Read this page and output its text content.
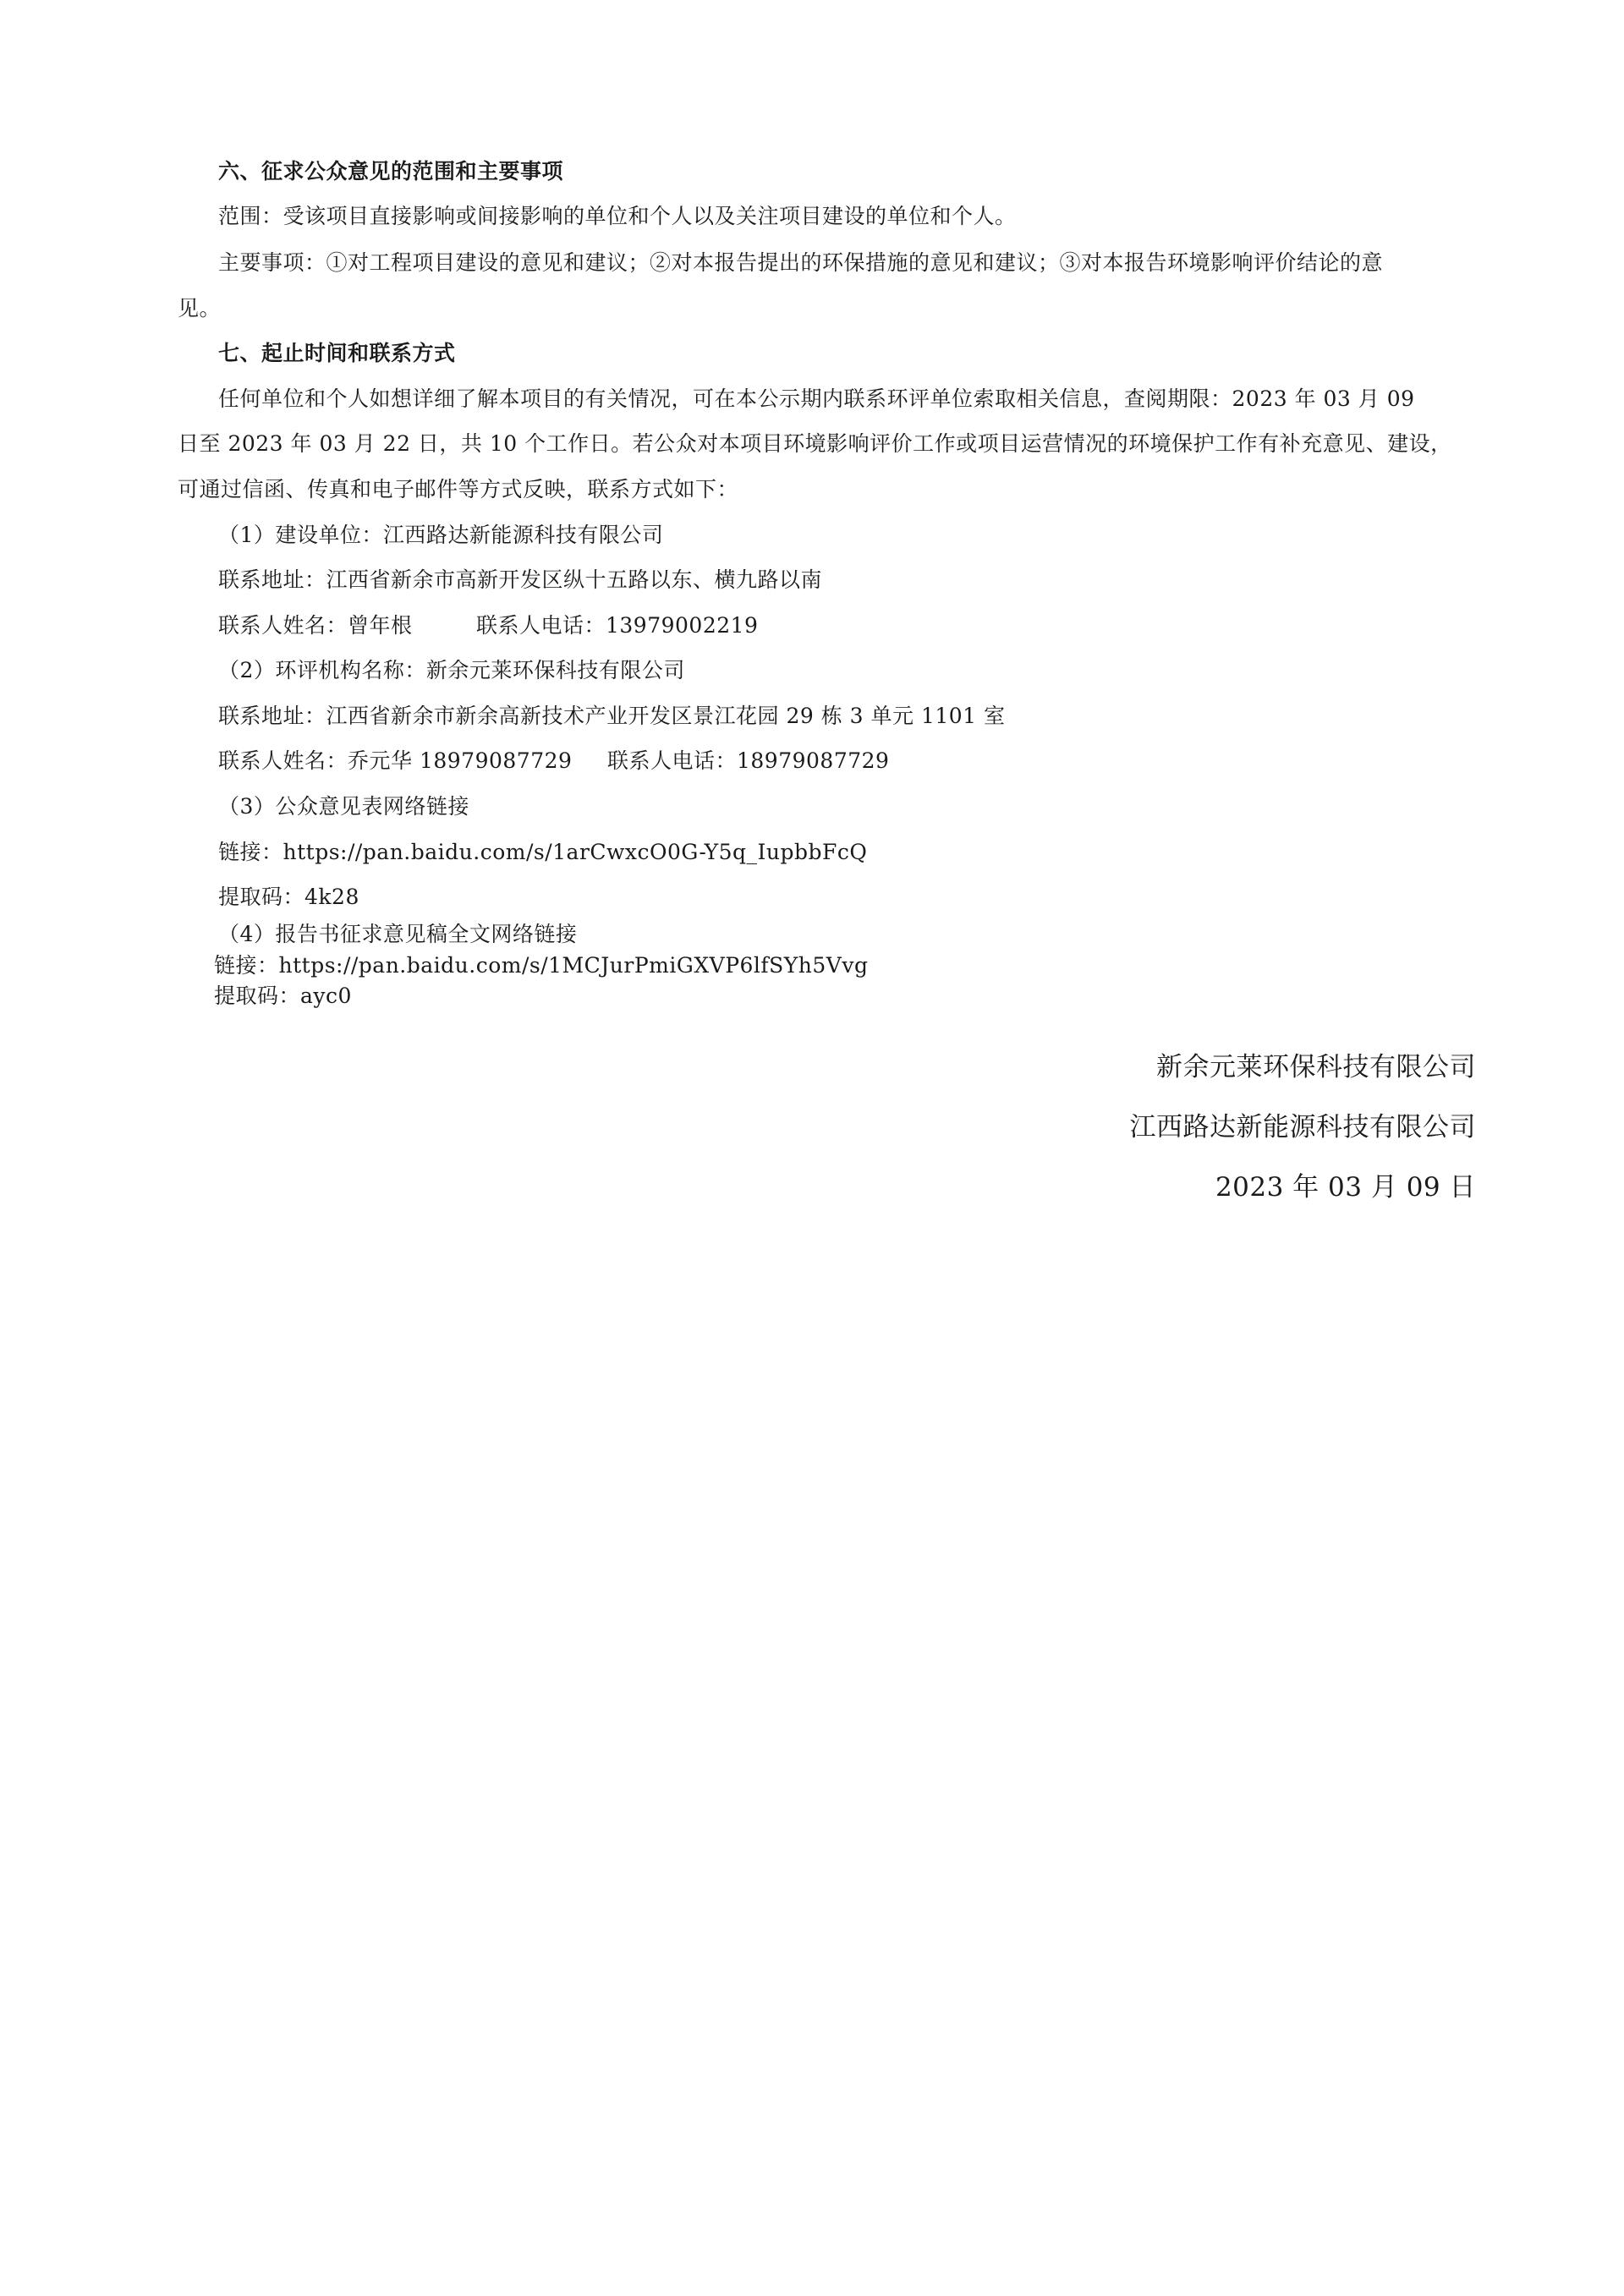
六、征求公众意见的范围和主要事项
范围：受该项目直接影响或间接影响的单位和个人以及关注项目建设的单位和个人。
主要事项：①对工程项目建设的意见和建议；②对本报告提出的环保措施的意见和建议；③对本报告环境影响评价结论的意
见。
七、起止时间和联系方式
任何单位和个人如想详细了解本项目的有关情况，可在本公示期内联系环评单位索取相关信息，查阅期限：2023 年 03 月 09
日至 2023 年 03 月 22 日，共 10 个工作日。若公众对本项目环境影响评价工作或项目运营情况的环境保护工作有补充意见、建设，
可通过信函、传真和电子邮件等方式反映，联系方式如下：
（1）建设单位：江西路达新能源科技有限公司
联系地址：江西省新余市高新开发区纵十五路以东、横九路以南
联系人姓名：曾年根	联系人电话：13979002219
（2）环评机构名称：新余元莱环保科技有限公司
联系地址：江西省新余市新余高新技术产业开发区景江花园 29 栋 3 单元 1101 室
联系人姓名：乔元华 18979087729 联系人电话：18979087729
（3）公众意见表网络链接
链接：https://pan.baidu.com/s/1arCwxcO0G-Y5q_IupbbFcQ
提取码：4k28
（4）报告书征求意见稿全文网络链接
链接：https://pan.baidu.com/s/1MCJurPmiGXVP6lfSYh5Vvg
提取码：ayc0
新余元莱环保科技有限公司
江西路达新能源科技有限公司
2023 年 03 月 09 日
